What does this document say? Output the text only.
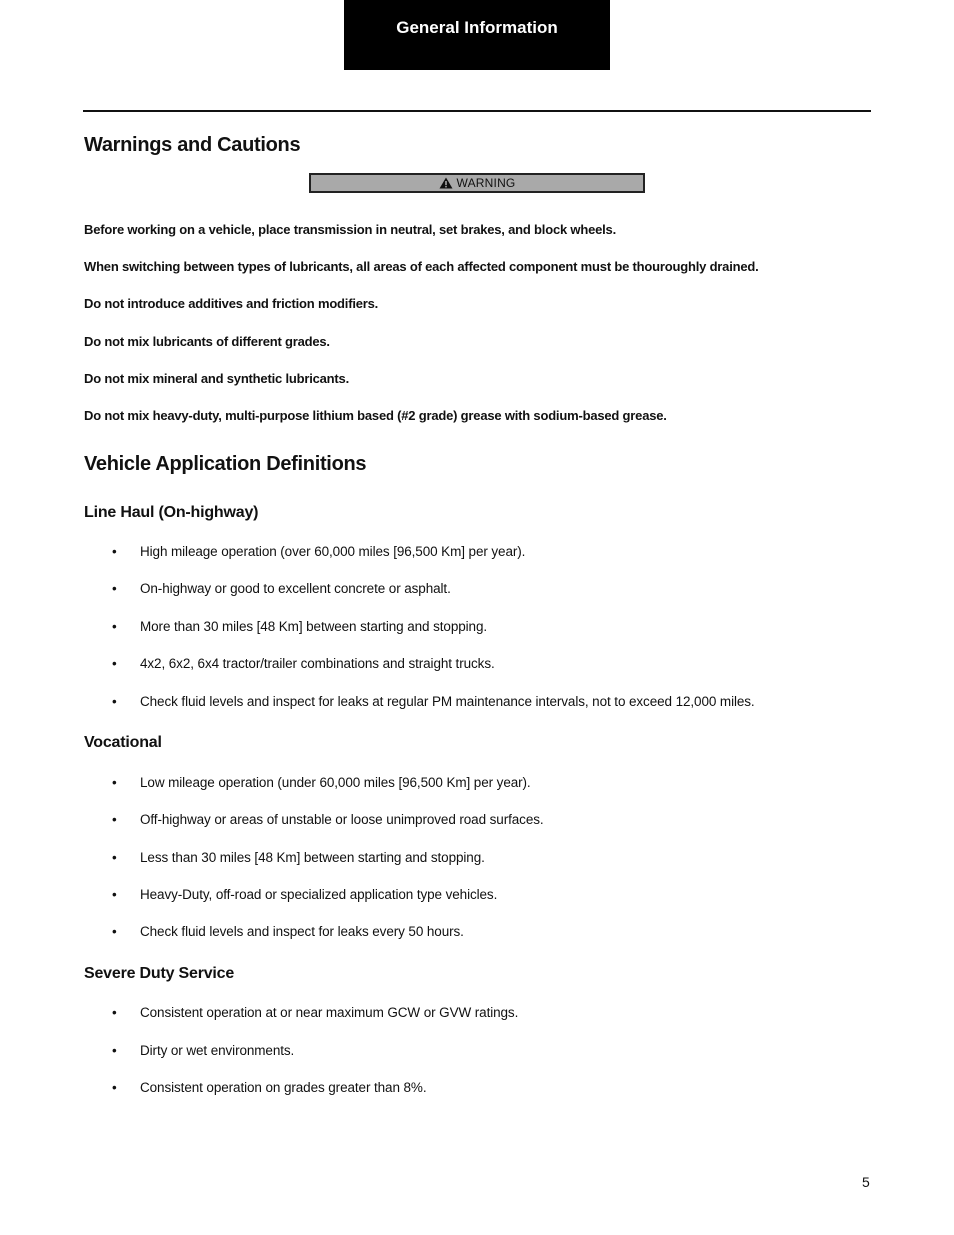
General Information
Warnings and Cautions
WARNING
Before working on a vehicle, place transmission in neutral, set brakes, and block wheels.
When switching between types of lubricants, all areas of each affected component must be thouroughly drained.
Do not introduce additives and friction modifiers.
Do not mix lubricants of different grades.
Do not mix mineral and synthetic lubricants.
Do not mix heavy-duty, multi-purpose lithium based (#2 grade) grease with sodium-based grease.
Vehicle Application Definitions
Line Haul (On-highway)
• High mileage operation (over 60,000 miles [96,500 Km] per year).
• On-highway or good to excellent concrete or asphalt.
• More than 30 miles [48 Km] between starting and stopping.
• 4x2, 6x2, 6x4 tractor/trailer combinations and straight trucks.
• Check fluid levels and inspect for leaks at regular PM maintenance intervals, not to exceed 12,000 miles.
Vocational
• Low mileage operation (under 60,000 miles [96,500 Km] per year).
• Off-highway or areas of unstable or loose unimproved road surfaces.
• Less than 30 miles [48 Km] between starting and stopping.
• Heavy-Duty, off-road or specialized application type vehicles.
• Check fluid levels and inspect for leaks every 50 hours.
Severe Duty Service
• Consistent operation at or near maximum GCW or GVW ratings.
• Dirty or wet environments.
• Consistent operation on grades greater than 8%.
5
